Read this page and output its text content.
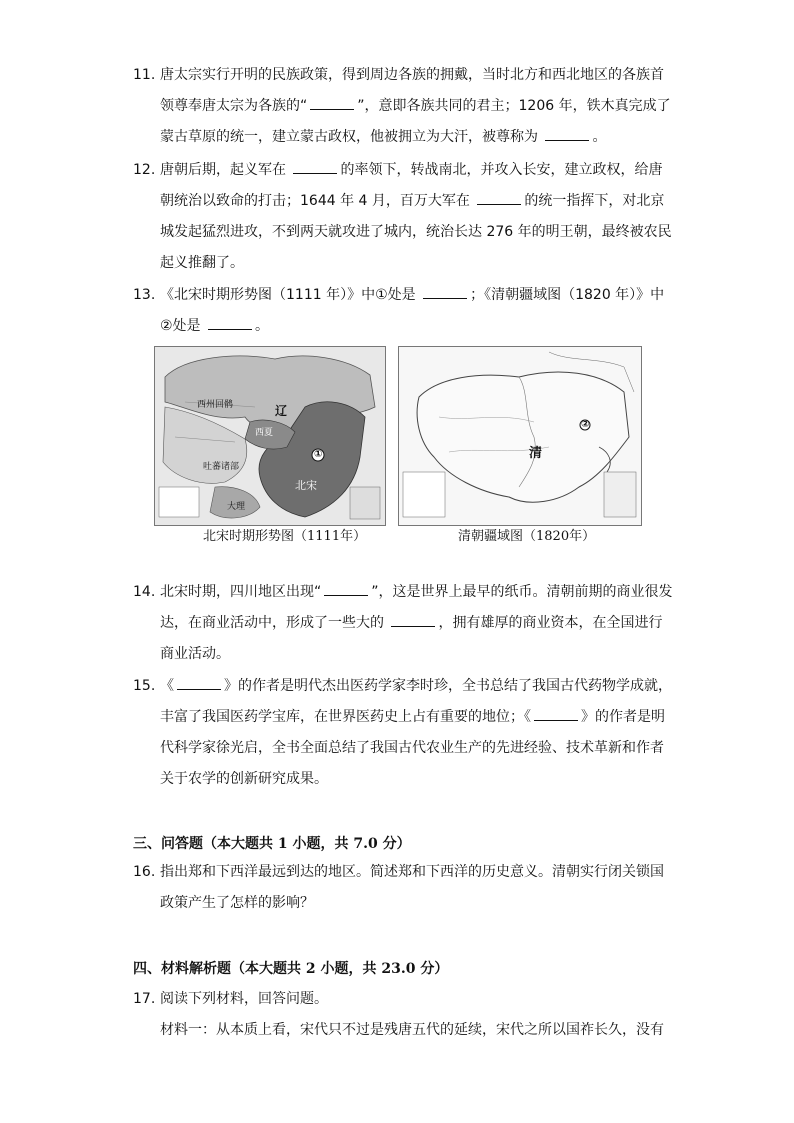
11. 唐太宗实行开明的民族政策，得到周边各族的拥戴，当时北方和西北地区的各族首领尊奉唐太宗为各族的“	”，意即各族共同的君主；1206 年，铁木真完成了蒙古草原的统一，建立蒙古政权，他被拥立为大汗，被尊称为	。
12. 唐朝后期，起义军在	的率领下，转战南北，并攻入长安，建立政权，给唐朝统治以致命的打击；1644 年 4 月，百万大军在	的统一指挥下，对北京城发起猛烈进攻，不到两天就攻进了城内，统治长达 276 年的明王朝，最终被农民起义推翻了。
13. 《北宋时期形势图（1111 年）》中①处是	；《清朝疆域图（1820 年）》中②处是	。
辽
西州回鹘
西夏
北宋
吐蕃诸部
大理
①
北宋时期形势图（1111年）
清
②
清朝疆域图（1820年）
14. 北宋时期，四川地区出现“	”，这是世界上最早的纸币。清朝前期的商业很发达，在商业活动中，形成了一些大的	，拥有雄厚的商业资本，在全国进行商业活动。
15. 《	》的作者是明代杰出医药学家李时珍，全书总结了我国古代药物学成就，丰富了我国医药学宝库，在世界医药史上占有重要的地位；《	》的作者是明代科学家徐光启，全书全面总结了我国古代农业生产的先进经验、技术革新和作者关于农学的创新研究成果。
三、问答题（本大题共 1 小题，共 7.0 分）
16. 指出郑和下西洋最远到达的地区。简述郑和下西洋的历史意义。清朝实行闭关锁国政策产生了怎样的影响？
四、材料解析题（本大题共 2 小题，共 23.0 分）
17. 阅读下列材料，回答问题。
材料一：从本质上看，宋代只不过是残唐五代的延续，宋代之所以国祚长久，没有
